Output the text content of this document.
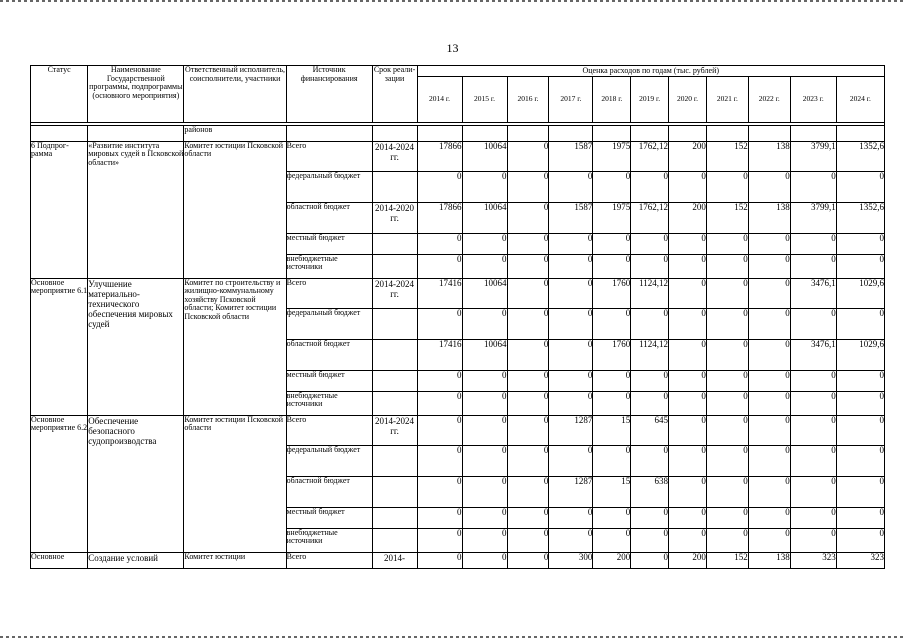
13
Статус	Наименование Государственной программы, подпрограммы (основного мероприятия)	Ответственный исполнитель, соисполнители, участники	Источник финансирования	Срок реали-зации	Оценка расходов по годам (тыс. рублей)										
					2014 г.	2015 г.	2016 г.	2017 г.	2018 г.	2019 г.	2020 г.	2021 г.	2022 г.	2023 г.	2024 г.

		районов													
6 Подпрог-рамма	«Развитие институтa мировых судей в Псковской области»	Комитет юстиции Псковской области	Всего	2014-2024 гг.	17866	10064	0	1587	1975	1762,12	200	152	138	3799,1	1352,6
			федеральный бюджет		0	0	0	0	0	0	0	0	0	0	0
			областной бюджет	2014-2020 гг.	17866	10064	0	1587	1975	1762,12	200	152	138	3799,1	1352,6
			местный бюджет		0	0	0	0	0	0	0	0	0	0	0
			внебюджетные источники		0	0	0	0	0	0	0	0	0	0	0
Основное мероприятие 6.1	Улучшение материально-технического обеспечения мировых судей	Комитет по строительству и жилищно-коммунальному хозяйству Псковской области; Комитет юстиции Псковской области	Всего	2014-2024 гг.	17416	10064	0	0	1760	1124,12	0	0	0	3476,1	1029,6
			федеральный бюджет		0	0	0	0	0	0	0	0	0	0	0
			областной бюджет		17416	10064	0	0	1760	1124,12	0	0	0	3476,1	1029,6
			местный бюджет		0	0	0	0	0	0	0	0	0	0	0
			внебюджетные источники		0	0	0	0	0	0	0	0	0	0	0
Основное мероприятие 6.2	Обеспечение безопасного судопроизводства	Комитет юстиции Псковской области	Всего	2014-2024 гг.	0	0	0	1287	15	645	0	0	0	0	0
			федеральный бюджет		0	0	0	0	0	0	0	0	0	0	0
			областной бюджет		0	0	0	1287	15	638	0	0	0	0	0
			местный бюджет		0	0	0	0	0	0	0	0	0	0	0
			внебюджетные источники		0	0	0	0	0	0	0	0	0	0	0
Основное	Создание условий	Комитет юстиции	Всего	2014-	0	0	0	300	200	0	200	152	138	323	323
